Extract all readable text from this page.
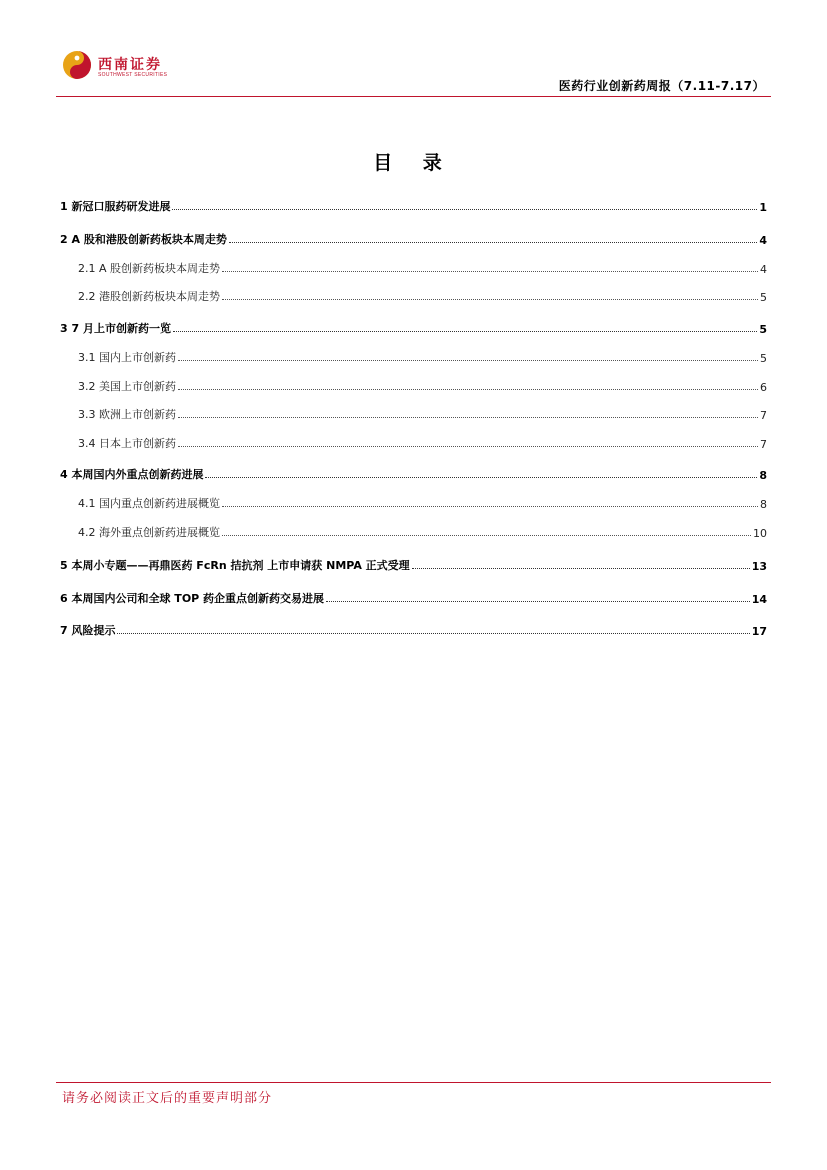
西南证券
SOUTHWEST SECURITIES
医药行业创新药周报（7.11-7.17）
目 录
1 新冠口服药研发进展	1
2 A 股和港股创新药板块本周走势	4
2.1 A 股创新药板块本周走势	4
2.2 港股创新药板块本周走势	5
3 7 月上市创新药一览	5
3.1 国内上市创新药	5
3.2 美国上市创新药	6
3.3 欧洲上市创新药	7
3.4 日本上市创新药	7
4 本周国内外重点创新药进展	8
4.1 国内重点创新药进展概览	8
4.2 海外重点创新药进展概览	10
5 本周小专题——再鼎医药 FcRn 拮抗剂 上市申请获 NMPA 正式受理	13
6 本周国内公司和全球 TOP 药企重点创新药交易进展	14
7 风险提示	17
请务必阅读正文后的重要声明部分
